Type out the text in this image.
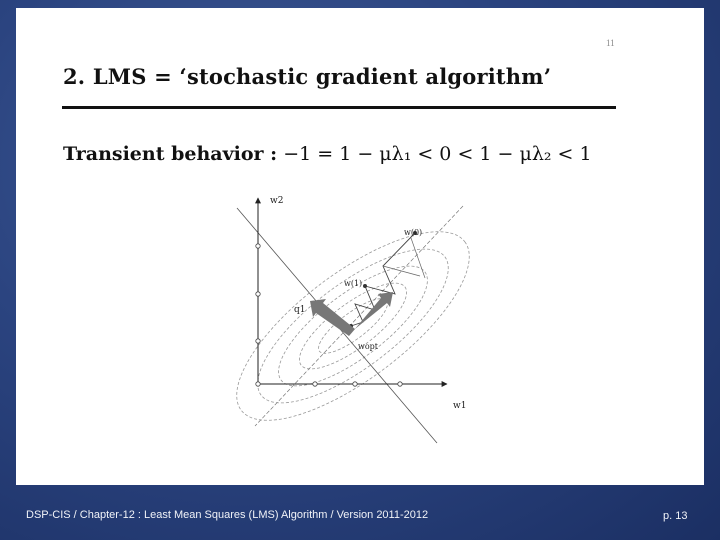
11
2. LMS = ‘stochastic gradient algorithm’
Transient behavior : −1 = 1 − μλ₁ < 0 < 1 − μλ₂ < 1
w2
w1
w(0)
w(1)
wopt
q1
DSP-CIS / Chapter-12 : Least Mean Squares (LMS) Algorithm / Version 2011-2012	p. 13
